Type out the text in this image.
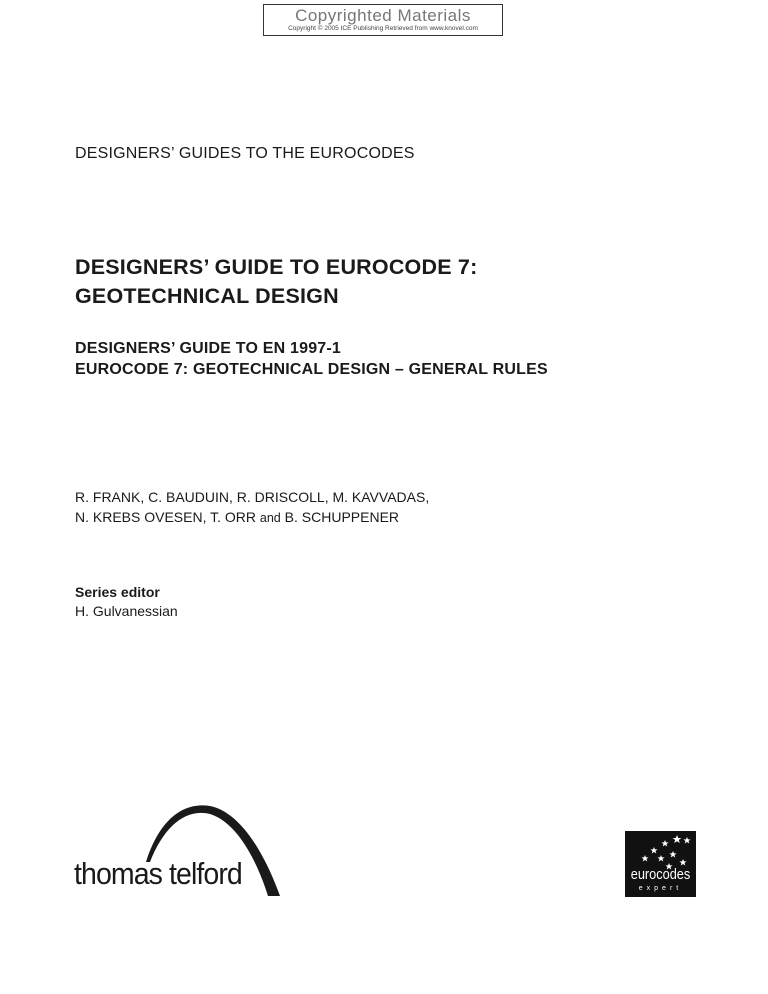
Copyrighted Materials
Copyright © 2005 ICE Publishing Retrieved from www.knovel.com
DESIGNERS’ GUIDES TO THE EUROCODES
DESIGNERS’ GUIDE TO EUROCODE 7:
GEOTECHNICAL DESIGN
DESIGNERS’ GUIDE TO EN 1997-1
EUROCODE 7: GEOTECHNICAL DESIGN – GENERAL RULES
R. FRANK, C. BAUDUIN, R. DRISCOLL, M. KAVVADAS,
N. KREBS OVESEN, T. ORR and B. SCHUPPENER
Series editor
H. Gulvanessian
thomas telford	eurocodes
expert
